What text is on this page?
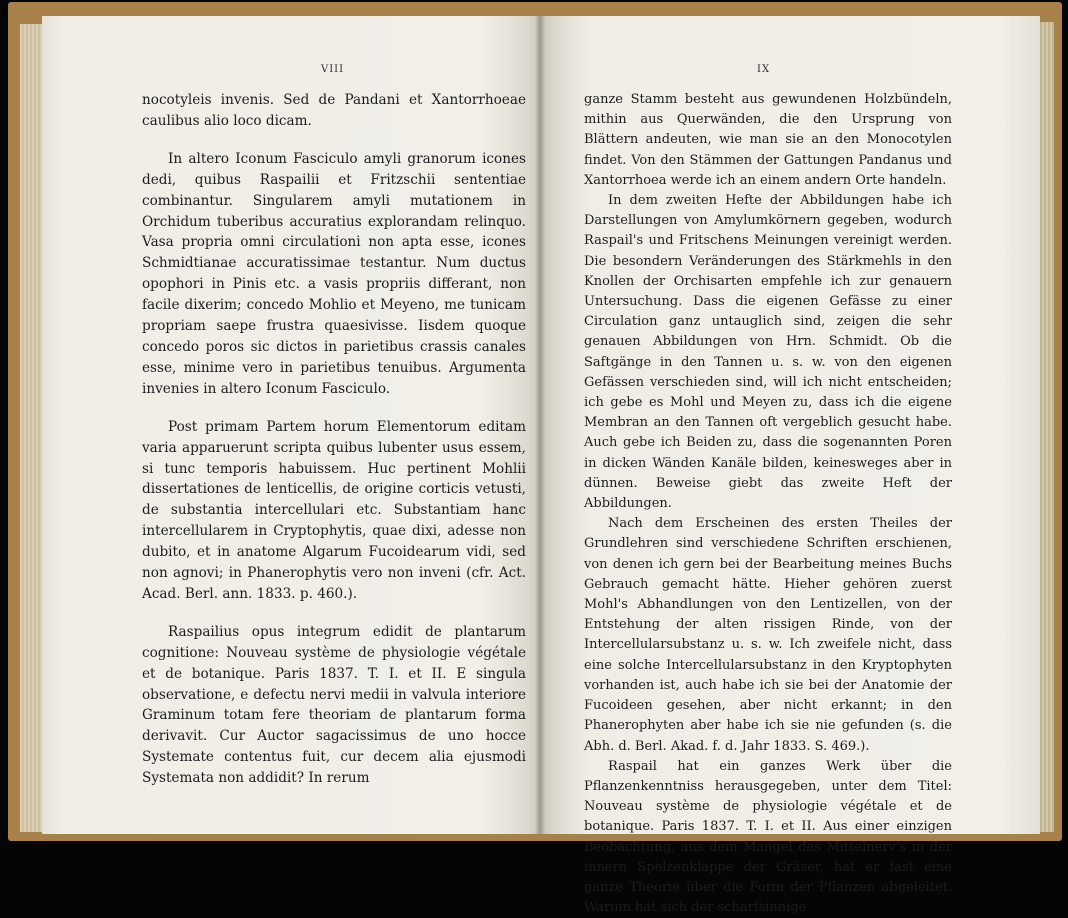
VIII

nocotyleis invenis. Sed de Pandani et Xantorrhoeae caulibus alio loco dicam.

In altero Iconum Fasciculo amyli granorum icones dedi, quibus Raspailii et Fritzschii sententiae combinantur. Singularem amyli mutationem in Orchidum tuberibus accuratius explorandam relinquo. Vasa propria omni circulationi non apta esse, icones Schmidtianae accuratissimae testantur. Num ductus opophori in Pinis etc. a vasis propriis differant, non facile dixerim; concedo Mohlio et Meyeno, me tunicam propriam saepe frustra quaesivisse. Iisdem quoque concedo poros sic dictos in parietibus crassis canales esse, minime vero in parietibus tenuibus. Argumenta invenies in altero Iconum Fasciculo.

Post primam Partem horum Elementorum editam varia apparuerunt scripta quibus lubenter usus essem, si tunc temporis habuissem. Huc pertinent Mohlii dissertationes de lenticellis, de origine corticis vetusti, de substantia intercellulari etc. Substantiam hanc intercellularem in Cryptophytis, quae dixi, adesse non dubito, et in anatome Algarum Fucoidearum vidi, sed non agnovi; in Phanerophytis vero non inveni (cfr. Act. Acad. Berl. ann. 1833. p. 460.).

Raspailius opus integrum edidit de plantarum cognitione: Nouveau système de physiologie végétale et de botanique. Paris 1837. T. I. et II. E singula observatione, e defectu nervi medii in valvula interiore Graminum totam fere theoriam de plantarum forma derivavit. Cur Auctor sagacissimus de uno hocce Systemate contentus fuit, cur decem alia ejusmodi Systemata non addidit? In rerum

IX

ganze Stamm besteht aus gewundenen Holzbündeln, mithin aus Querwänden, die den Ursprung von Blättern andeuten, wie man sie an den Monocotylen findet. Von den Stämmen der Gattungen Pandanus und Xantorrhoea werde ich an einem andern Orte handeln.

In dem zweiten Hefte der Abbildungen habe ich Darstellungen von Amylumkörnern gegeben, wodurch Raspail's und Fritschens Meinungen vereinigt werden. Die besondern Veränderungen des Stärkmehls in den Knollen der Orchisarten empfehle ich zur genauern Untersuchung. Dass die eigenen Gefässe zu einer Circulation ganz untauglich sind, zeigen die sehr genauen Abbildungen von Hrn. Schmidt. Ob die Saftgänge in den Tannen u. s. w. von den eigenen Gefässen verschieden sind, will ich nicht entscheiden; ich gebe es Mohl und Meyen zu, dass ich die eigene Membran an den Tannen oft vergeblich gesucht habe. Auch gebe ich Beiden zu, dass die sogenannten Poren in dicken Wänden Kanäle bilden, keinesweges aber in dünnen. Beweise giebt das zweite Heft der Abbildungen.

Nach dem Erscheinen des ersten Theiles der Grundlehren sind verschiedene Schriften erschienen, von denen ich gern bei der Bearbeitung meines Buchs Gebrauch gemacht hätte. Hieher gehören zuerst Mohl's Abhandlungen von den Lentizellen, von der Entstehung der alten rissigen Rinde, von der Intercellularsubstanz u. s. w. Ich zweifele nicht, dass eine solche Intercellularsubstanz in den Kryptophyten vorhanden ist, auch habe ich sie bei der Anatomie der Fucoideen gesehen, aber nicht erkannt; in den Phanerophyten aber habe ich sie nie gefunden (s. die Abh. d. Berl. Akad. f. d. Jahr 1833. S. 469.).

Raspail hat ein ganzes Werk über die Pflanzenkenntniss herausgegeben, unter dem Titel: Nouveau système de physiologie végétale et de botanique. Paris 1837. T. I. et II. Aus einer einzigen Beobachtung, aus dem Mangel des Mittelnerv's in der innern Spelzenklappe der Gräser, hat er fast eine ganze Theorie über die Form der Pflanzen abgeleitet. Warum hat sich der scharfsinnige
